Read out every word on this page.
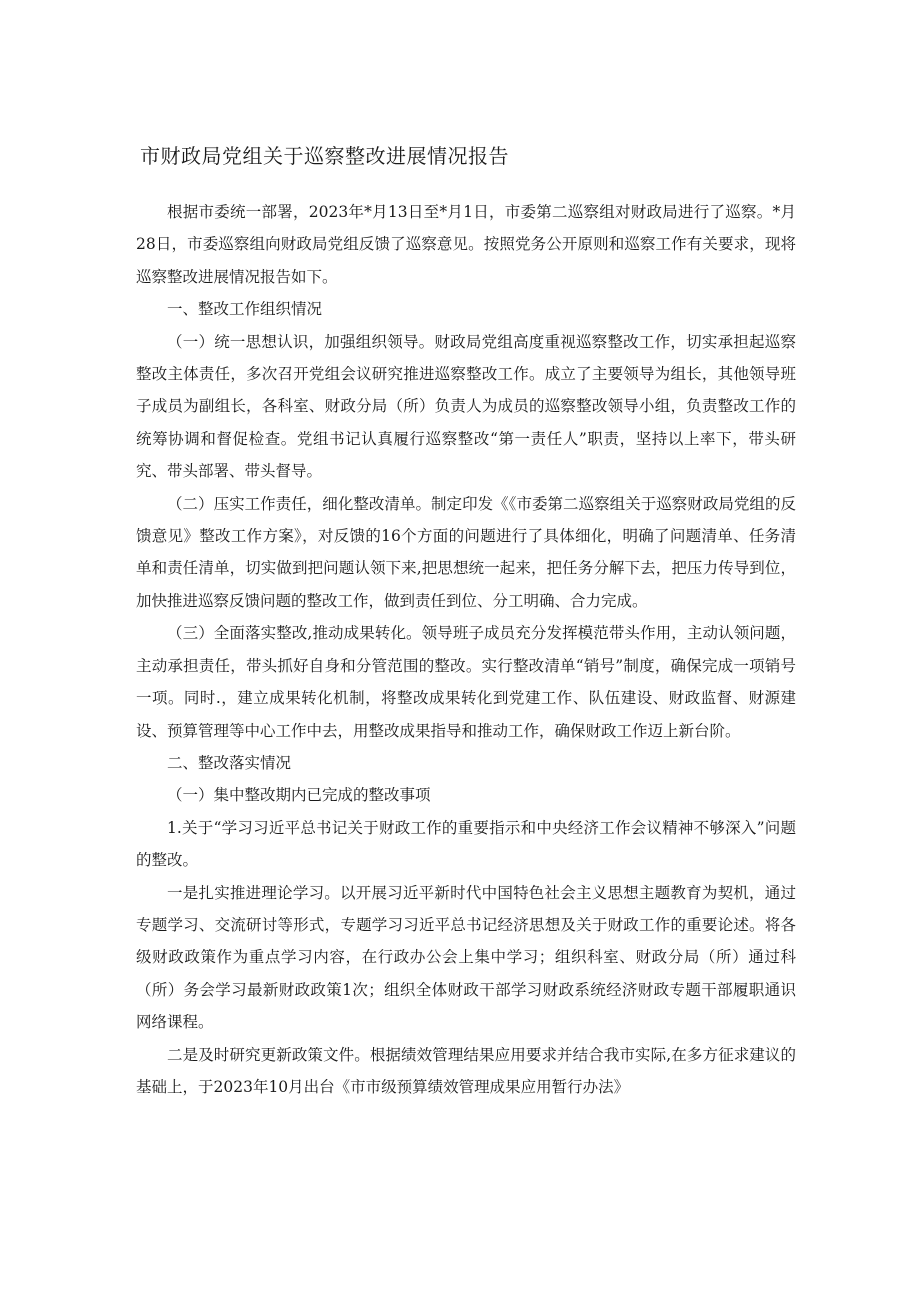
市财政局党组关于巡察整改进展情况报告

根据市委统一部署，2023年*月13日至*月1日，市委第二巡察组对财政局进行了巡察。*月28日，市委巡察组向财政局党组反馈了巡察意见。按照党务公开原则和巡察工作有关要求，现将巡察整改进展情况报告如下。

一、整改工作组织情况

（一）统一思想认识，加强组织领导。财政局党组高度重视巡察整改工作，切实承担起巡察整改主体责任，多次召开党组会议研究推进巡察整改工作。成立了主要领导为组长，其他领导班子成员为副组长，各科室、财政分局（所）负责人为成员的巡察整改领导小组，负责整改工作的统筹协调和督促检查。党组书记认真履行巡察整改“第一责任人”职责，坚持以上率下，带头研究、带头部署、带头督导。

（二）压实工作责任，细化整改清单。制定印发《《市委第二巡察组关于巡察财政局党组的反馈意见》整改工作方案》，对反馈的16个方面的问题进行了具体细化，明确了问题清单、任务清单和责任清单，切实做到把问题认领下来,把思想统一起来，把任务分解下去，把压力传导到位，加快推进巡察反馈问题的整改工作，做到责任到位、分工明确、合力完成。

（三）全面落实整改,推动成果转化。领导班子成员充分发挥模范带头作用，主动认领问题，主动承担责任，带头抓好自身和分管范围的整改。实行整改清单“销号”制度，确保完成一项销号一项。同时.，建立成果转化机制，将整改成果转化到党建工作、队伍建设、财政监督、财源建设、预算管理等中心工作中去，用整改成果指导和推动工作，确保财政工作迈上新台阶。

二、整改落实情况

（一）集中整改期内已完成的整改事项

1.关于“学习习近平总书记关于财政工作的重要指示和中央经济工作会议精神不够深入”问题的整改。

一是扎实推进理论学习。以开展习近平新时代中国特色社会主义思想主题教育为契机，通过专题学习、交流研讨等形式，专题学习习近平总书记经济思想及关于财政工作的重要论述。将各级财政政策作为重点学习内容，在行政办公会上集中学习；组织科室、财政分局（所）通过科（所）务会学习最新财政政策1次；组织全体财政干部学习财政系统经济财政专题干部履职通识网络课程。

二是及时研究更新政策文件。根据绩效管理结果应用要求并结合我市实际,在多方征求建议的基础上，于2023年10月出台《市市级预算绩效管理成果应用暂行办法》
